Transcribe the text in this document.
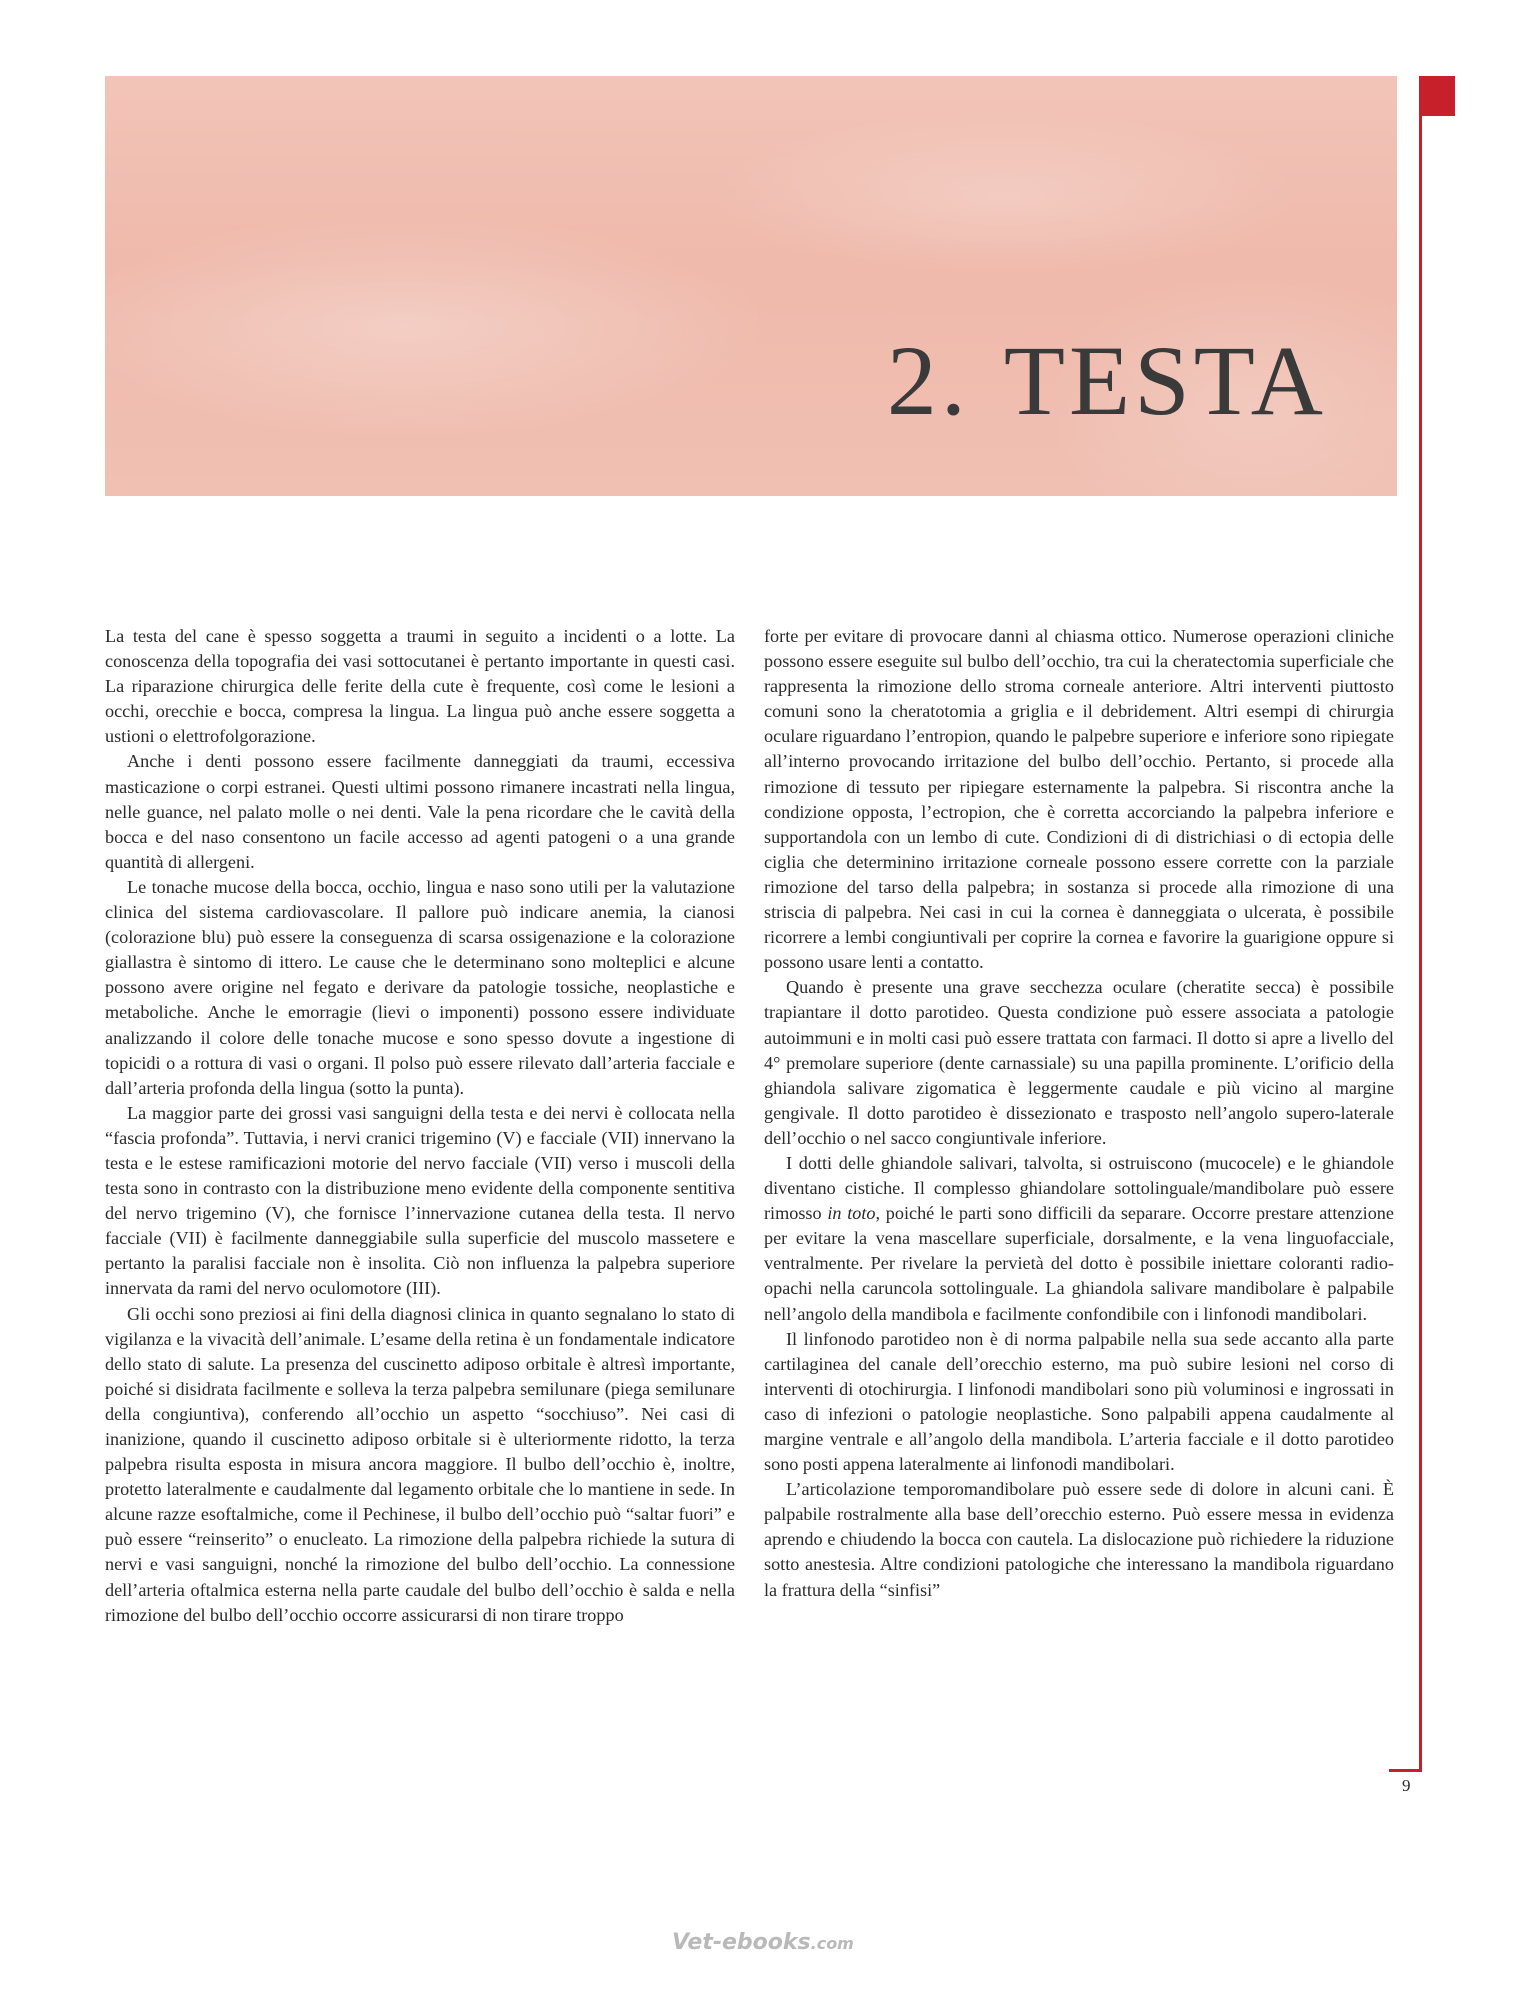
2. TESTA

La testa del cane è spesso soggetta a traumi in seguito a incidenti o a lotte. La conoscenza della topografia dei vasi sottocutanei è pertanto importante in questi casi. La riparazione chirurgica delle ferite della cute è frequente, così come le lesioni a occhi, orecchie e bocca, compresa la lingua. La lingua può anche essere soggetta a ustioni o elettrofolgorazione.

Anche i denti possono essere facilmente danneggiati da traumi, eccessiva masticazione o corpi estranei. Questi ultimi possono rimanere incastrati nella lingua, nelle guance, nel palato molle o nei denti. Vale la pena ricordare che le cavità della bocca e del naso consentono un facile accesso ad agenti patogeni o a una grande quantità di allergeni.

Le tonache mucose della bocca, occhio, lingua e naso sono utili per la valutazione clinica del sistema cardiovascolare. Il pallore può indicare anemia, la cianosi (colorazione blu) può essere la conseguenza di scarsa ossigenazione e la colorazione giallastra è sintomo di ittero. Le cause che le determinano sono molteplici e alcune possono avere origine nel fegato e derivare da patologie tossiche, neoplastiche e metaboliche. Anche le emorragie (lievi o imponenti) possono essere individuate analizzando il colore delle tonache mucose e sono spesso dovute a ingestione di topicidi o a rottura di vasi o organi. Il polso può essere rilevato dall’arteria facciale e dall’arteria profonda della lingua (sotto la punta).

La maggior parte dei grossi vasi sanguigni della testa e dei nervi è collocata nella “fascia profonda”. Tuttavia, i nervi cranici trigemino (V) e facciale (VII) innervano la testa e le estese ramificazioni motorie del nervo facciale (VII) verso i muscoli della testa sono in contrasto con la distribuzione meno evidente della componente sentitiva del nervo trigemino (V), che fornisce l’innervazione cutanea della testa. Il nervo facciale (VII) è facilmente danneggiabile sulla superficie del muscolo massetere e pertanto la paralisi facciale non è insolita. Ciò non influenza la palpebra superiore innervata da rami del nervo oculomotore (III).

Gli occhi sono preziosi ai fini della diagnosi clinica in quanto segnalano lo stato di vigilanza e la vivacità dell’animale. L’esame della retina è un fondamentale indicatore dello stato di salute. La presenza del cuscinetto adiposo orbitale è altresì importante, poiché si disidrata facilmente e solleva la terza palpebra semilunare (piega semilunare della congiuntiva), conferendo all’occhio un aspetto “socchiuso”. Nei casi di inanizione, quando il cuscinetto adiposo orbitale si è ulteriormente ridotto, la terza palpebra risulta esposta in misura ancora maggiore. Il bulbo dell’occhio è, inoltre, protetto lateralmente e caudalmente dal legamento orbitale che lo mantiene in sede. In alcune razze esoftalmiche, come il Pechinese, il bulbo dell’occhio può “saltar fuori” e può essere “reinserito” o enucleato. La rimozione della palpebra richiede la sutura di nervi e vasi sanguigni, nonché la rimozione del bulbo dell’occhio. La connessione dell’arteria oftalmica esterna nella parte caudale del bulbo dell’occhio è salda e nella rimozione del bulbo dell’occhio occorre assicurarsi di non tirare troppo

forte per evitare di provocare danni al chiasma ottico. Numerose operazioni cliniche possono essere eseguite sul bulbo dell’occhio, tra cui la cheratectomia superficiale che rappresenta la rimozione dello stroma corneale anteriore. Altri interventi piuttosto comuni sono la cheratotomia a griglia e il debridement. Altri esempi di chirurgia oculare riguardano l’entropion, quando le palpebre superiore e inferiore sono ripiegate all’interno provocando irritazione del bulbo dell’occhio. Pertanto, si procede alla rimozione di tessuto per ripiegare esternamente la palpebra. Si riscontra anche la condizione opposta, l’ectropion, che è corretta accorciando la palpebra inferiore e supportandola con un lembo di cute. Condizioni di di districhiasi o di ectopia delle ciglia che determinino irritazione corneale possono essere corrette con la parziale rimozione del tarso della palpebra; in sostanza si procede alla rimozione di una striscia di palpebra. Nei casi in cui la cornea è danneggiata o ulcerata, è possibile ricorrere a lembi congiuntivali per coprire la cornea e favorire la guarigione oppure si possono usare lenti a contatto.

Quando è presente una grave secchezza oculare (cheratite secca) è possibile trapiantare il dotto parotideo. Questa condizione può essere associata a patologie autoimmuni e in molti casi può essere trattata con farmaci. Il dotto si apre a livello del 4° premolare superiore (dente carnassiale) su una papilla prominente. L’orificio della ghiandola salivare zigomatica è leggermente caudale e più vicino al margine gengivale. Il dotto parotideo è dissezionato e trasposto nell’angolo supero-laterale dell’occhio o nel sacco congiuntivale inferiore.

I dotti delle ghiandole salivari, talvolta, si ostruiscono (mucocele) e le ghiandole diventano cistiche. Il complesso ghiandolare sottolinguale/mandibolare può essere rimosso in toto, poiché le parti sono difficili da separare. Occorre prestare attenzione per evitare la vena mascellare superficiale, dorsalmente, e la vena linguofacciale, ventralmente. Per rivelare la pervietà del dotto è possibile iniettare coloranti radio-opachi nella caruncola sottolinguale. La ghiandola salivare mandibolare è palpabile nell’angolo della mandibola e facilmente confondibile con i linfonodi mandibolari.

Il linfonodo parotideo non è di norma palpabile nella sua sede accanto alla parte cartilaginea del canale dell’orecchio esterno, ma può subire lesioni nel corso di interventi di otochirurgia. I linfonodi mandibolari sono più voluminosi e ingrossati in caso di infezioni o patologie neoplastiche. Sono palpabili appena caudalmente al margine ventrale e all’angolo della mandibola. L’arteria facciale e il dotto parotideo sono posti appena lateralmente ai linfonodi mandibolari.

L’articolazione temporomandibolare può essere sede di dolore in alcuni cani. È palpabile rostralmente alla base dell’orecchio esterno. Può essere messa in evidenza aprendo e chiudendo la bocca con cautela. La dislocazione può richiedere la riduzione sotto anestesia. Altre condizioni patologiche che interessano la mandibola riguardano la frattura della “sinfisi”

9
Vet-ebooks.com
